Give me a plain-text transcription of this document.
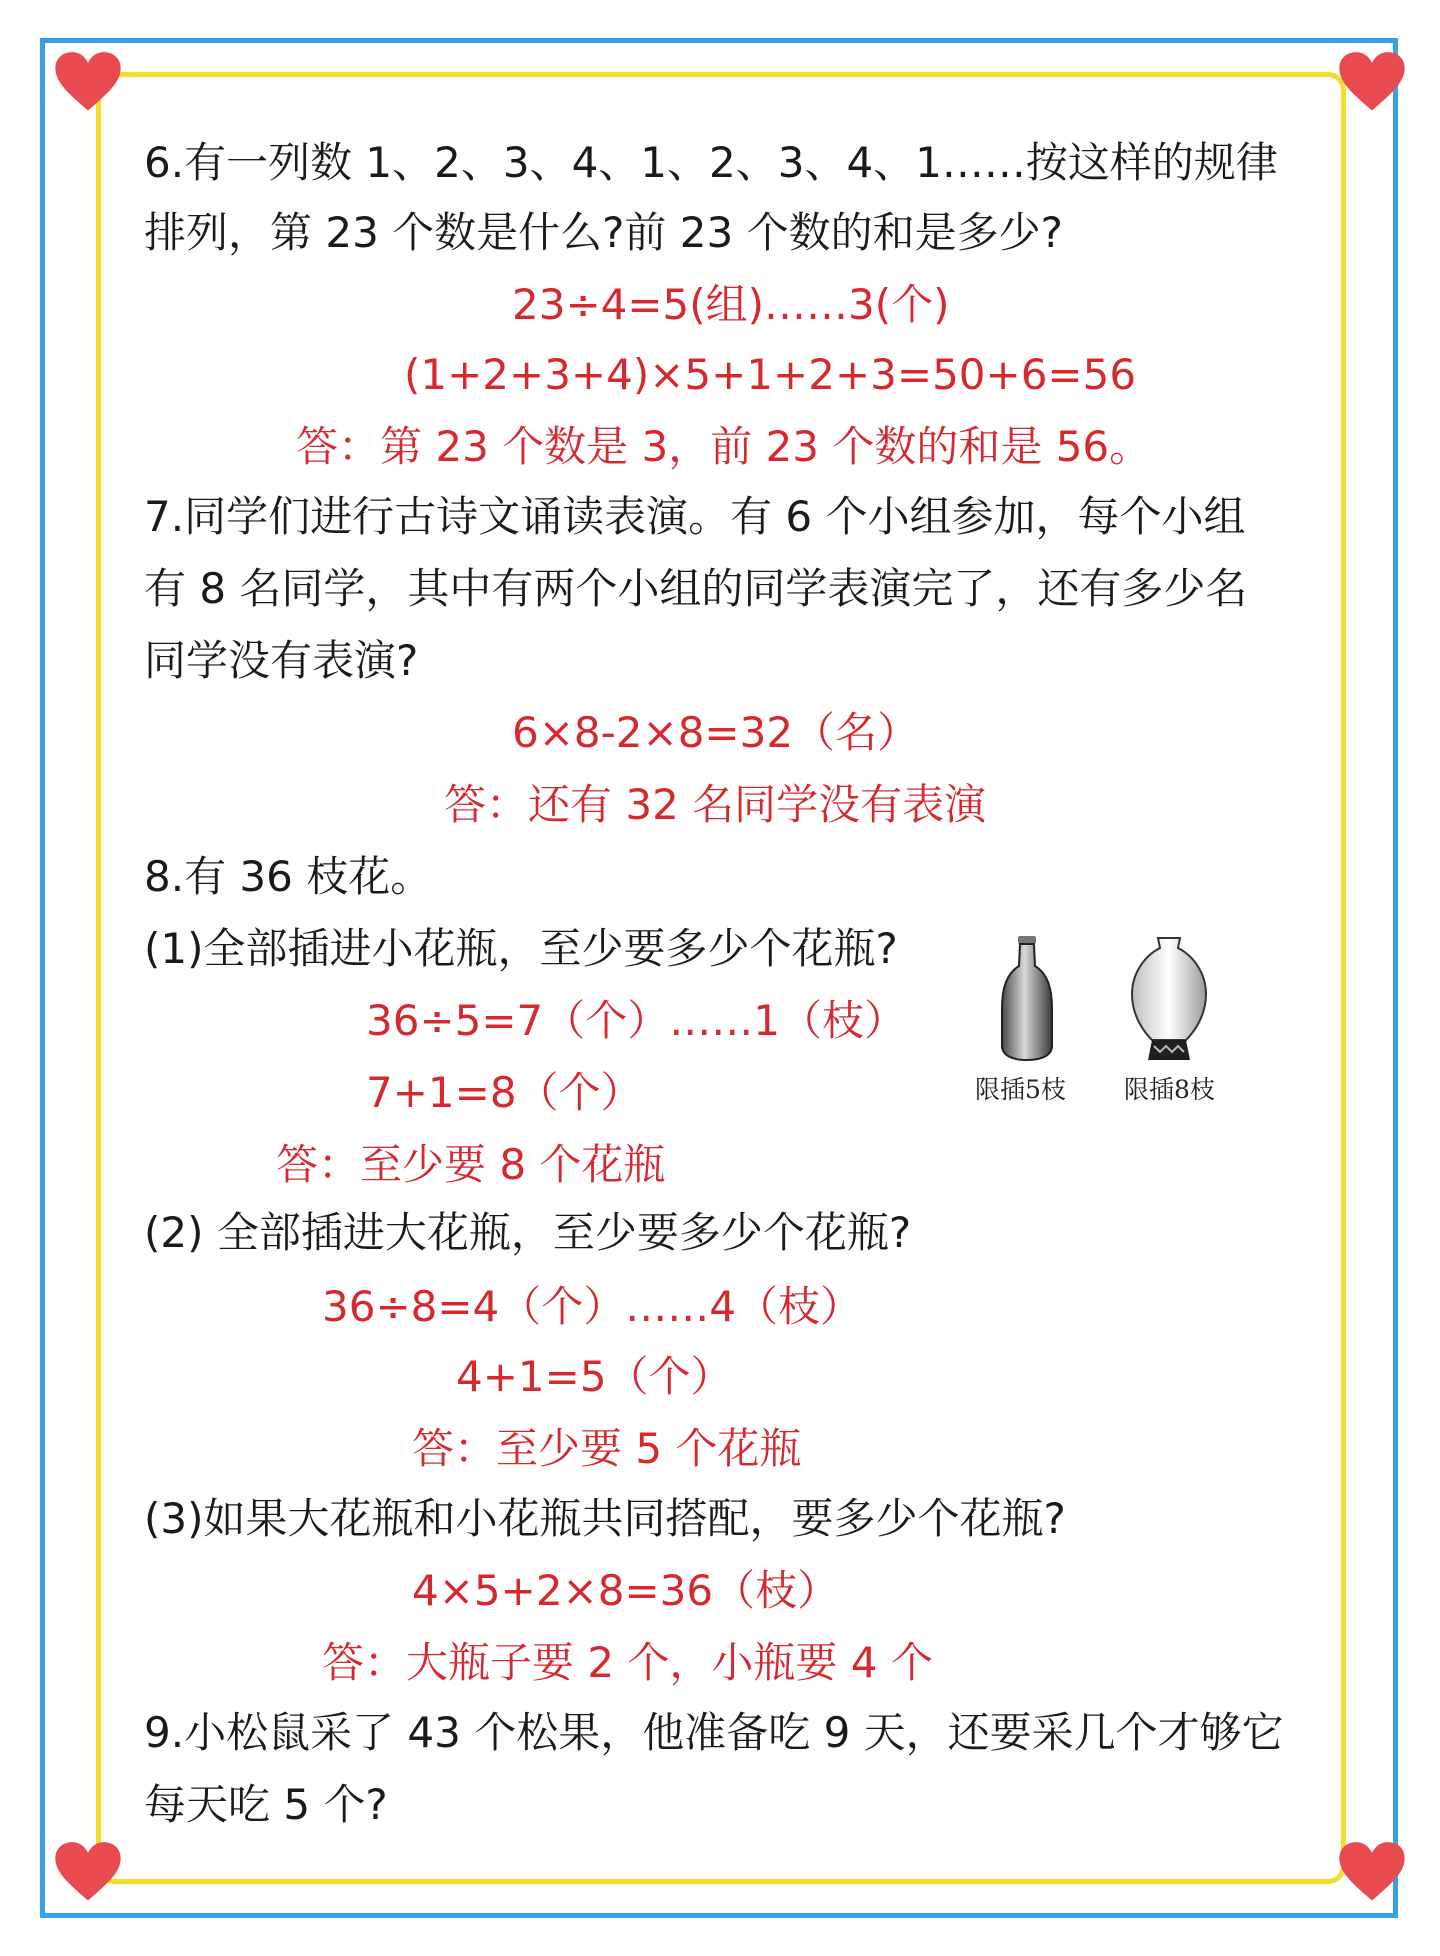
6.有一列数 1、2、3、4、1、2、3、4、1……按这样的规律
排列，第 23 个数是什么?前 23 个数的和是多少?
23÷4=5(组)……3(个)
(1+2+3+4)×5+1+2+3=50+6=56
答：第 23 个数是 3，前 23 个数的和是 56。
7.同学们进行古诗文诵读表演。有 6 个小组参加，每个小组
有 8 名同学，其中有两个小组的同学表演完了，还有多少名
同学没有表演?
6×8-2×8=32（名）
答：还有 32 名同学没有表演
8.有 36 枝花。
(1)全部插进小花瓶，至少要多少个花瓶?
36÷5=7（个）……1（枝）
7+1=8（个）
答：至少要 8 个花瓶
限插5枝 限插8枝
(2) 全部插进大花瓶，至少要多少个花瓶?
36÷8=4（个）……4（枝）
4+1=5（个）
答：至少要 5 个花瓶
(3)如果大花瓶和小花瓶共同搭配，要多少个花瓶?
4×5+2×8=36（枝）
答：大瓶子要 2 个，小瓶要 4 个
9.小松鼠采了 43 个松果，他准备吃 9 天，还要采几个才够它
每天吃 5 个?
